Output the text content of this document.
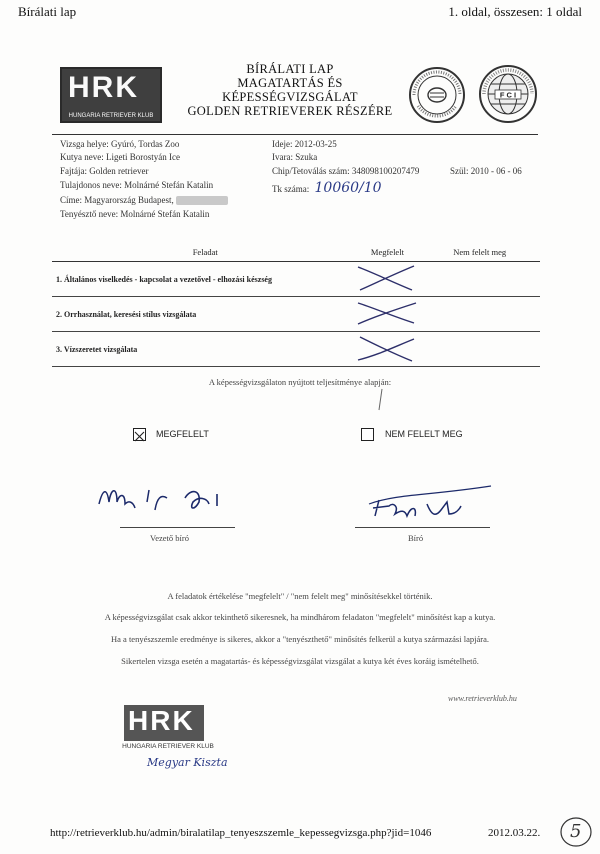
Bírálati lap	1. oldal, összesen: 1 oldal
HRK
HUNGARIA RETRIEVER KLUB
BÍRÁLATI LAP
MAGATARTÁS ÉS
KÉPESSÉGVIZSGÁLAT
GOLDEN RETRIEVEREK RÉSZÉRE
F C I
Vizsga helye: Gyúró, Tordas Zoo	Ideje: 2012-03-25
Kutya neve: Ligeti Borostyán Ice	Ivara: Szuka
Fajtája: Golden retriever	Chip/Tetoválás szám: 348098100207479	Szül: 2010 - 06 - 06
Tulajdonos neve: Molnárné Stefán Katalin	Tk száma: 10060/10
Címe: Magyarország Budapest,
Tenyésztő neve: Molnárné Stefán Katalin
Feladat	Megfelelt	Nem felelt meg
1. Általános viselkedés - kapcsolat a vezetővel - elhozási készség		
2. Orrhasználat, keresési stílus vizsgálata		
3. Vízszeretet vizsgálata		
A képességvizsgálaton nyújtott teljesítménye alapján:
MEGFELELT	NEM FELELT MEG
Vezető bíró	Bíró
A feladatok értékelése "megfelelt" / "nem felelt meg" minősítésekkel történik.
A képességvizsgálat csak akkor tekinthető sikeresnek, ha mindhárom feladaton "megfelelt" minősítést kap a kutya.
Ha a tenyészszemle eredménye is sikeres, akkor a "tenyészthető" minősítés felkerül a kutya származási lapjára.
Sikertelen vizsga esetén a magatartás- és képességvizsgálat vizsgálat a kutya két éves koráig ismételhető.
www.retrieverklub.hu
HRK
HUNGARIA RETRIEVER KLUB
Megyar Kiszta
http://retrieverklub.hu/admin/biralatilap_tenyeszszemle_kepessegvizsga.php?jid=1046	2012.03.22. 5
